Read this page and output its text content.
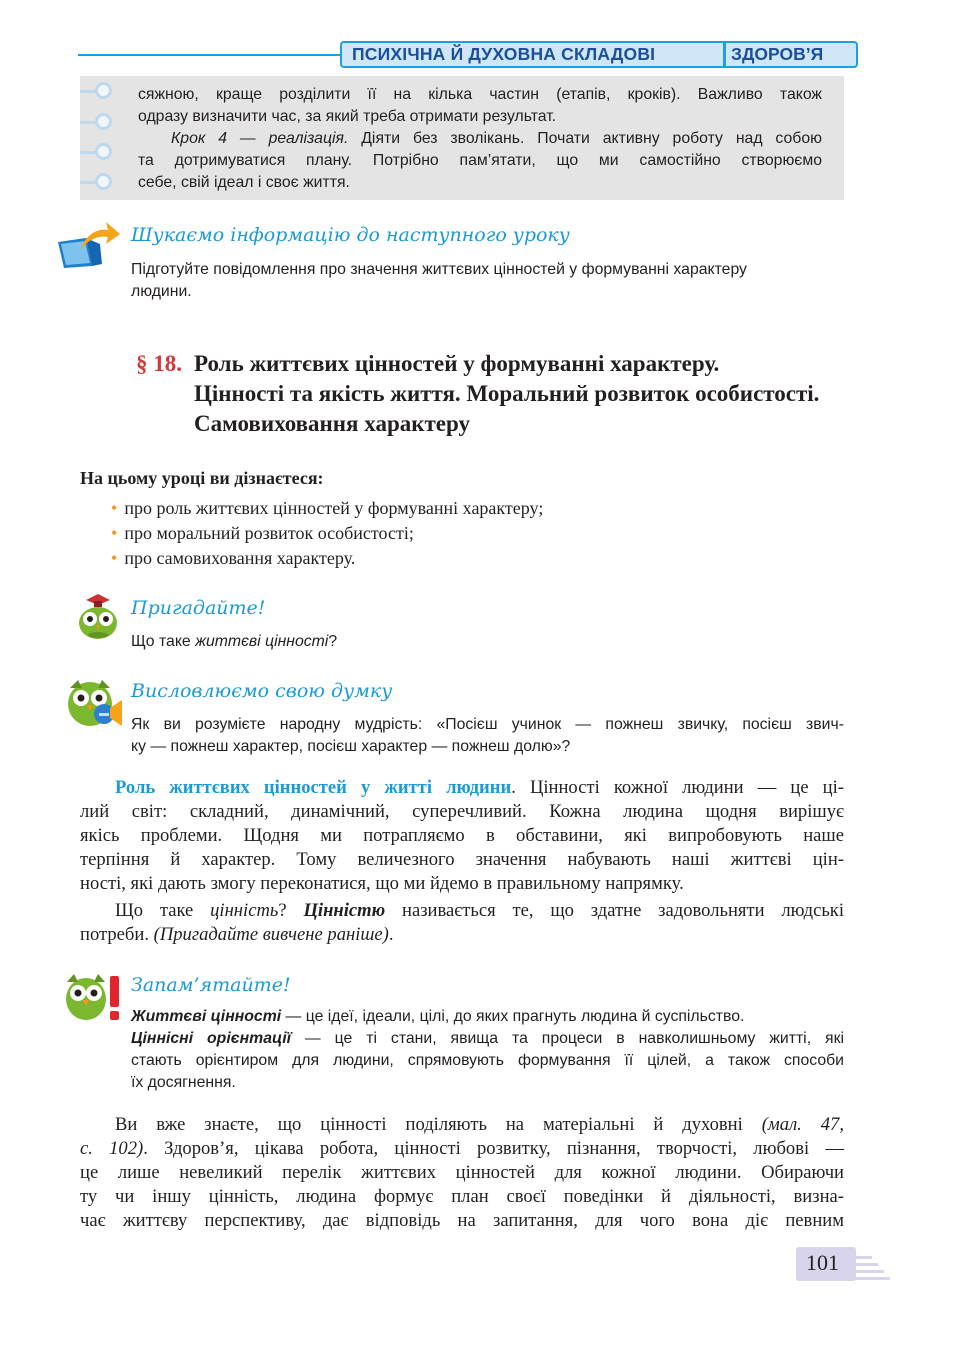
ПСИХІЧНА Й ДУХОВНА СКЛАДОВІ	ЗДОРОВ’Я
сяжною, краще розділити її на кілька частин (етапів, кроків). Важливо також
одразу визначити час, за який треба отримати результат.
Крок 4 — реалізація. Діяти без зволікань. Почати активну роботу над собою
та дотримуватися плану. Потрібно пам’ятати, що ми самостійно створюємо
себе, свій ідеал і своє життя.
Шукаємо інформацію до наступного уроку
Підготуйте повідомлення про значення життєвих цінностей у формуванні характеру
людини.
§ 18. Роль життєвих цінностей у формуванні характеру.
Цінності та якість життя. Моральний розвиток особистості.
Самовиховання характеру
На цьому уроці ви дізнаєтеся:
• про роль життєвих цінностей у формуванні характеру;
• про моральний розвиток особистості;
• про самовиховання характеру.
Пригадайте!
Що таке життєві цінності?
Висловлюємо свою думку
Як ви розумієте народну мудрість: «Посієш учинок — пожнеш звичку, посієш звич-
ку — пожнеш характер, посієш характер — пожнеш долю»?
Роль життєвих цінностей у житті людини. Цінності кожної людини — це ці-
лий світ: складний, динамічний, суперечливий. Кожна людина щодня вирішує
якісь проблеми. Щодня ми потрапляємо в обставини, які випробовують наше
терпіння й характер. Тому величезного значення набувають наші життєві цін-
ності, які дають змогу переконатися, що ми йдемо в правильному напрямку.
Що таке цінність? Цінністю називається те, що здатне задовольняти людські
потреби. (Пригадайте вивчене раніше).
Запам’ятайте!
Життєві цінності — це ідеї, ідеали, цілі, до яких прагнуть людина й суспільство.
Ціннісні орієнтації — це ті стани, явища та процеси в навколишньому житті, які
стають орієнтиром для людини, спрямовують формування її цілей, а також способи
їх досягнення.
Ви вже знаєте, що цінності поділяють на матеріальні й духовні (мал. 47,
с. 102). Здоров’я, цікава робота, цінності розвитку, пізнання, творчості, любові —
це лише невеликий перелік життєвих цінностей для кожної людини. Обираючи
ту чи іншу цінність, людина формує план своєї поведінки й діяльності, визна-
чає життєву перспективу, дає відповідь на запитання, для чого вона діє певним
101
